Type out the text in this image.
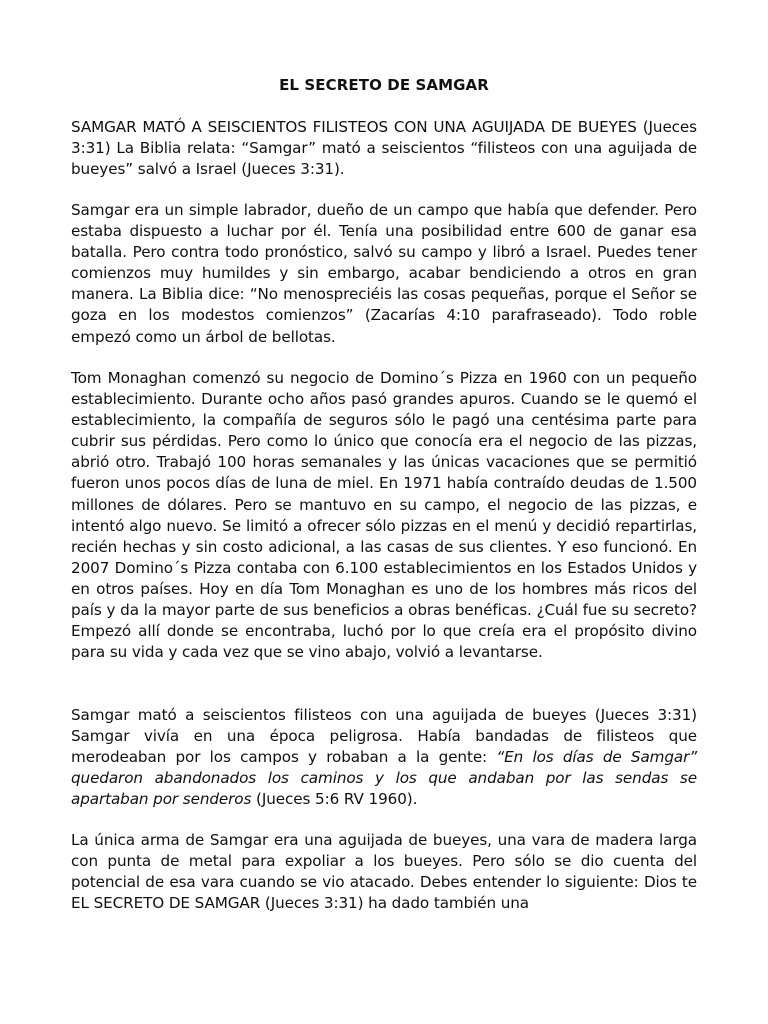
EL SECRETO DE SAMGAR

SAMGAR MATÓ A SEISCIENTOS FILISTEOS CON UNA AGUIJADA DE BUEYES (Jueces 3:31) La Biblia relata: “Samgar” mató a seiscientos “filisteos con una aguijada de bueyes” salvó a Israel (Jueces 3:31).

Samgar era un simple labrador, dueño de un campo que había que defender. Pero estaba dispuesto a luchar por él. Tenía una posibilidad entre 600 de ganar esa batalla. Pero contra todo pronóstico, salvó su campo y libró a Israel. Puedes tener comienzos muy humildes y sin embargo, acabar bendiciendo a otros en gran manera. La Biblia dice: “No menospreciéis las cosas pequeñas, porque el Señor se goza en los modestos comienzos” (Zacarías 4:10 parafraseado). Todo roble empezó como un árbol de bellotas.

Tom Monaghan comenzó su negocio de Domino´s Pizza en 1960 con un pequeño establecimiento. Durante ocho años pasó grandes apuros. Cuando se le quemó el establecimiento, la compañía de seguros sólo le pagó una centésima parte para cubrir sus pérdidas. Pero como lo único que conocía era el negocio de las pizzas, abrió otro. Trabajó 100 horas semanales y las únicas vacaciones que se permitió fueron unos pocos días de luna de miel. En 1971 había contraído deudas de 1.500 millones de dólares. Pero se mantuvo en su campo, el negocio de las pizzas, e intentó algo nuevo. Se limitó a ofrecer sólo pizzas en el menú y decidió repartirlas, recién hechas y sin costo adicional, a las casas de sus clientes. Y eso funcionó. En 2007 Domino´s Pizza contaba con 6.100 establecimientos en los Estados Unidos y en otros países. Hoy en día Tom Monaghan es uno de los hombres más ricos del país y da la mayor parte de sus beneficios a obras benéficas. ¿Cuál fue su secreto? Empezó allí donde se encontraba, luchó por lo que creía era el propósito divino para su vida y cada vez que se vino abajo, volvió a levantarse.

Samgar mató a seiscientos filisteos con una aguijada de bueyes (Jueces 3:31) Samgar vivía en una época peligrosa. Había bandadas de filisteos que merodeaban por los campos y robaban a la gente: “En los días de Samgar” quedaron abandonados los caminos y los que andaban por las sendas se apartaban por senderos (Jueces 5:6 RV 1960).

La única arma de Samgar era una aguijada de bueyes, una vara de madera larga con punta de metal para expoliar a los bueyes. Pero sólo se dio cuenta del potencial de esa vara cuando se vio atacado. Debes entender lo siguiente: Dios te EL SECRETO DE SAMGAR (Jueces 3:31) ha dado también una
